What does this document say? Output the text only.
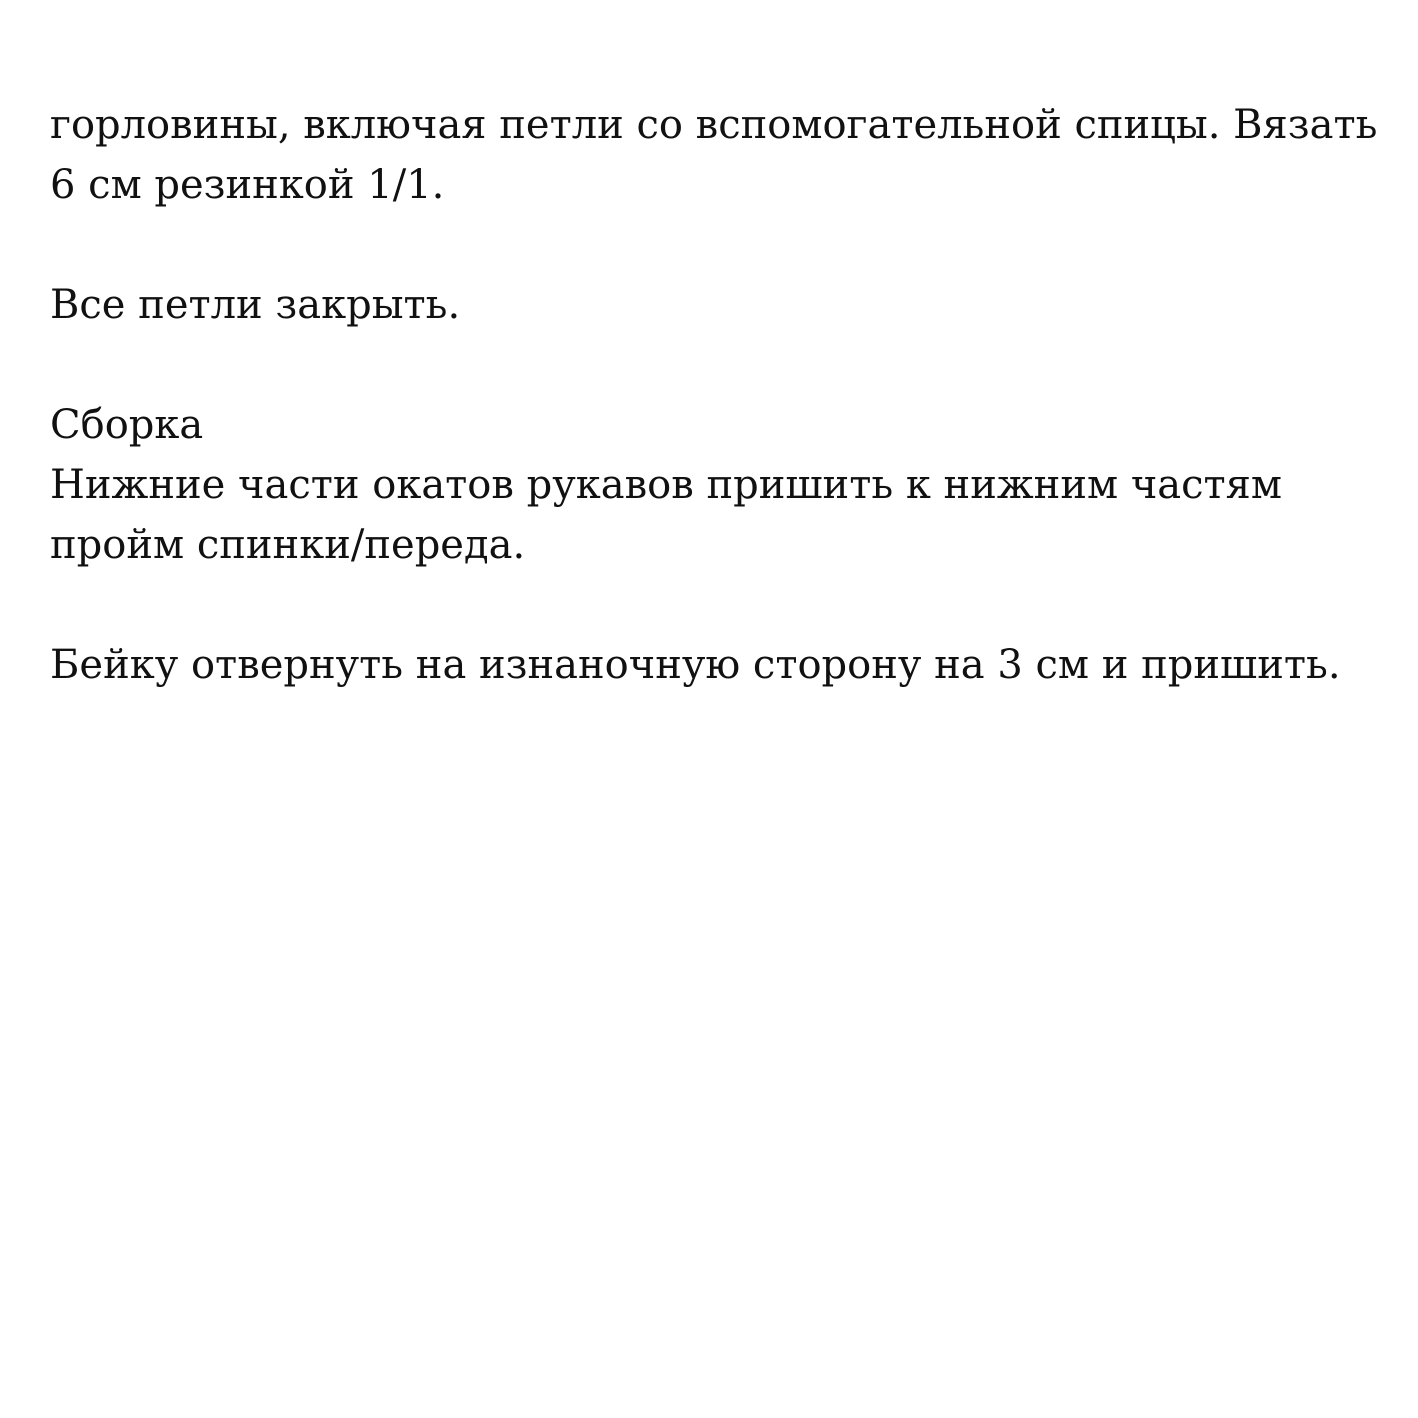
горловины, включая петли со вспомогательной спицы. Вязать
6 см резинкой 1/1.

Все петли закрыть.

Сборка
Нижние части окатов рукавов пришить к нижним частям
пройм спинки/переда.

Бейку отвернуть на изнаночную сторону на 3 см и пришить.
